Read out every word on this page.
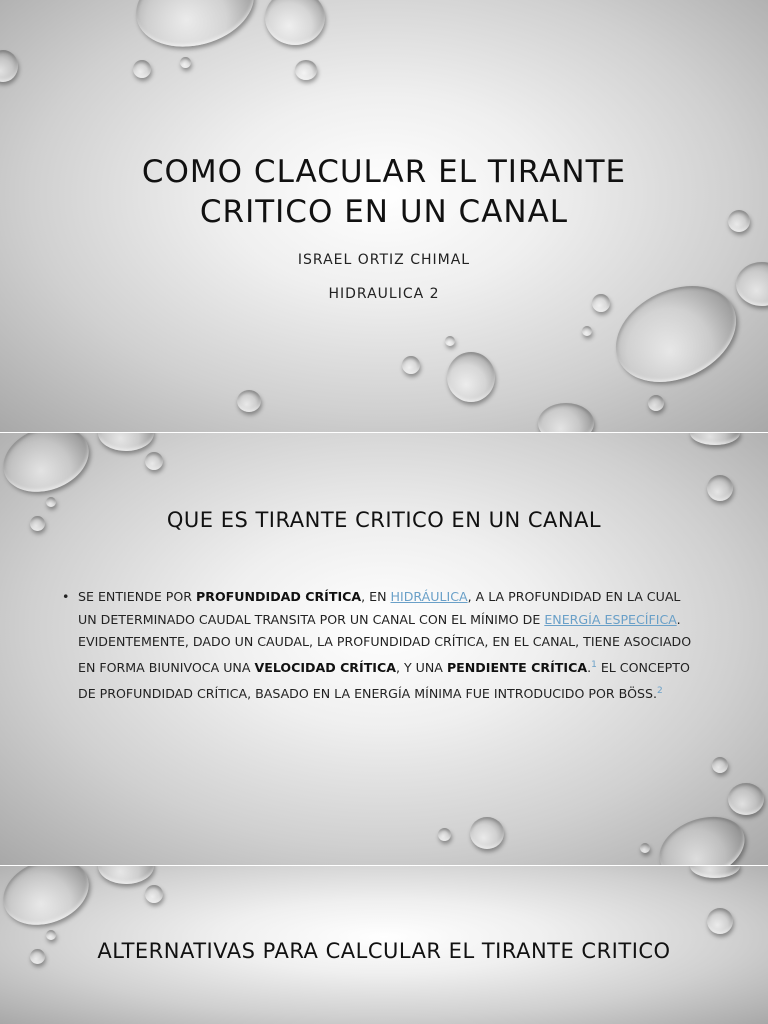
COMO CLACULAR EL TIRANTE
CRITICO EN UN CANAL
ISRAEL ORTIZ CHIMAL
HIDRAULICA 2
QUE ES TIRANTE CRITICO EN UN CANAL
• SE ENTIENDE POR PROFUNDIDAD CRÍTICA, EN HIDRÁULICA, A LA PROFUNDIDAD EN LA CUAL UN DETERMINADO CAUDAL TRANSITA POR UN CANAL CON EL MÍNIMO DE ENERGÍA ESPECÍFICA. EVIDENTEMENTE, DADO UN CAUDAL, LA PROFUNDIDAD CRÍTICA, EN EL CANAL, TIENE ASOCIADO EN FORMA BIUNIVOCA UNA VELOCIDAD CRÍTICA, Y UNA PENDIENTE CRÍTICA.$^1$ EL CONCEPTO DE PROFUNDIDAD CRÍTICA, BASADO EN LA ENERGÍA MÍNIMA FUE INTRODUCIDO POR BÖSS.$^2$
ALTERNATIVAS PARA CALCULAR EL TIRANTE CRITICO
